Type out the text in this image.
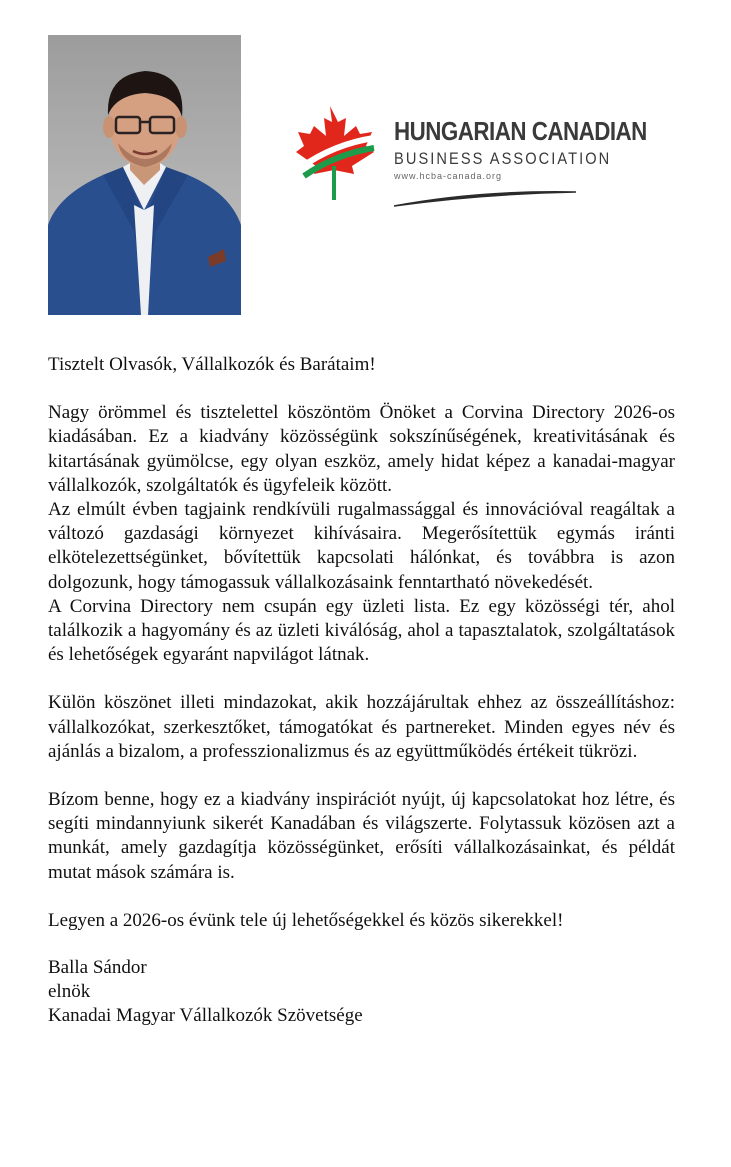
HUNGARIAN CANADIAN
BUSINESS ASSOCIATION
www.hcba-canada.org

Tisztelt Olvasók, Vállalkozók és Barátaim!

Nagy örömmel és tisztelettel köszöntöm Önöket a Corvina Directory 2026-os kiadásában. Ez a kiadvány közösségünk sokszínűségének, kreativitásának és kitartásának gyümölcse, egy olyan eszköz, amely hidat képez a kanadai-magyar vállalkozók, szolgáltatók és ügyfeleik között.

Az elmúlt évben tagjaink rendkívüli rugalmassággal és innovációval reagáltak a változó gazdasági környezet kihívásaira. Megerősítettük egymás iránti elkötelezettségünket, bővítettük kapcsolati hálónkat, és továbbra is azon dolgozunk, hogy támogassuk vállalkozásaink fenntartható növekedését.

A Corvina Directory nem csupán egy üzleti lista. Ez egy közösségi tér, ahol találkozik a hagyomány és az üzleti kiválóság, ahol a tapasztalatok, szolgáltatások és lehetőségek egyaránt napvilágot látnak.

Külön köszönet illeti mindazokat, akik hozzájárultak ehhez az összeállításhoz: vállalkozókat, szerkesztőket, támogatókat és partnereket. Minden egyes név és ajánlás a bizalom, a professzionalizmus és az együttműködés értékeit tükrözi.

Bízom benne, hogy ez a kiadvány inspirációt nyújt, új kapcsolatokat hoz létre, és segíti mindannyiunk sikerét Kanadában és világszerte. Folytassuk közösen azt a munkát, amely gazdagítja közösségünket, erősíti vállalkozásainkat, és példát mutat mások számára is.

Legyen a 2026-os évünk tele új lehetőségekkel és közös sikerekkel!

Balla Sándor

elnök

Kanadai Magyar Vállalkozók Szövetsége
